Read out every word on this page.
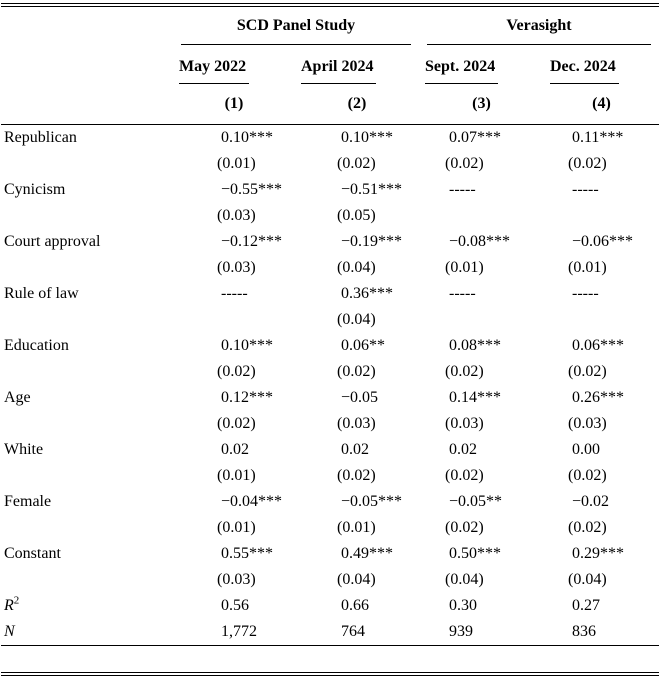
	SCD Panel Study		Verasight	

	May 2022	April 2024	Sept. 2024	Dec. 2024
	(1)	(2)	(3)	(4)
Republican	0.10***	0.10***	0.07***	0.11***
	(0.01)	(0.02)	(0.02)	(0.02)
Cynicism	−0.55***	−0.51***	-----	-----
	(0.03)	(0.05)		
Court approval	−0.12***	−0.19***	−0.08***	−0.06***
	(0.03)	(0.04)	(0.01)	(0.01)
Rule of law	-----	0.36***	-----	-----
		(0.04)		
Education	0.10***	0.06**	0.08***	0.06***
	(0.02)	(0.02)	(0.02)	(0.02)
Age	0.12***	−0.05	0.14***	0.26***
	(0.02)	(0.03)	(0.03)	(0.03)
White	0.02	0.02	0.02	0.00
	(0.01)	(0.02)	(0.02)	(0.02)
Female	−0.04***	−0.05***	−0.05**	−0.02
	(0.01)	(0.01)	(0.02)	(0.02)
Constant	0.55***	0.49***	0.50***	0.29***
	(0.03)	(0.04)	(0.04)	(0.04)
$R^2$	0.56	0.66	0.30	0.27
N	1,772	764	939	836
